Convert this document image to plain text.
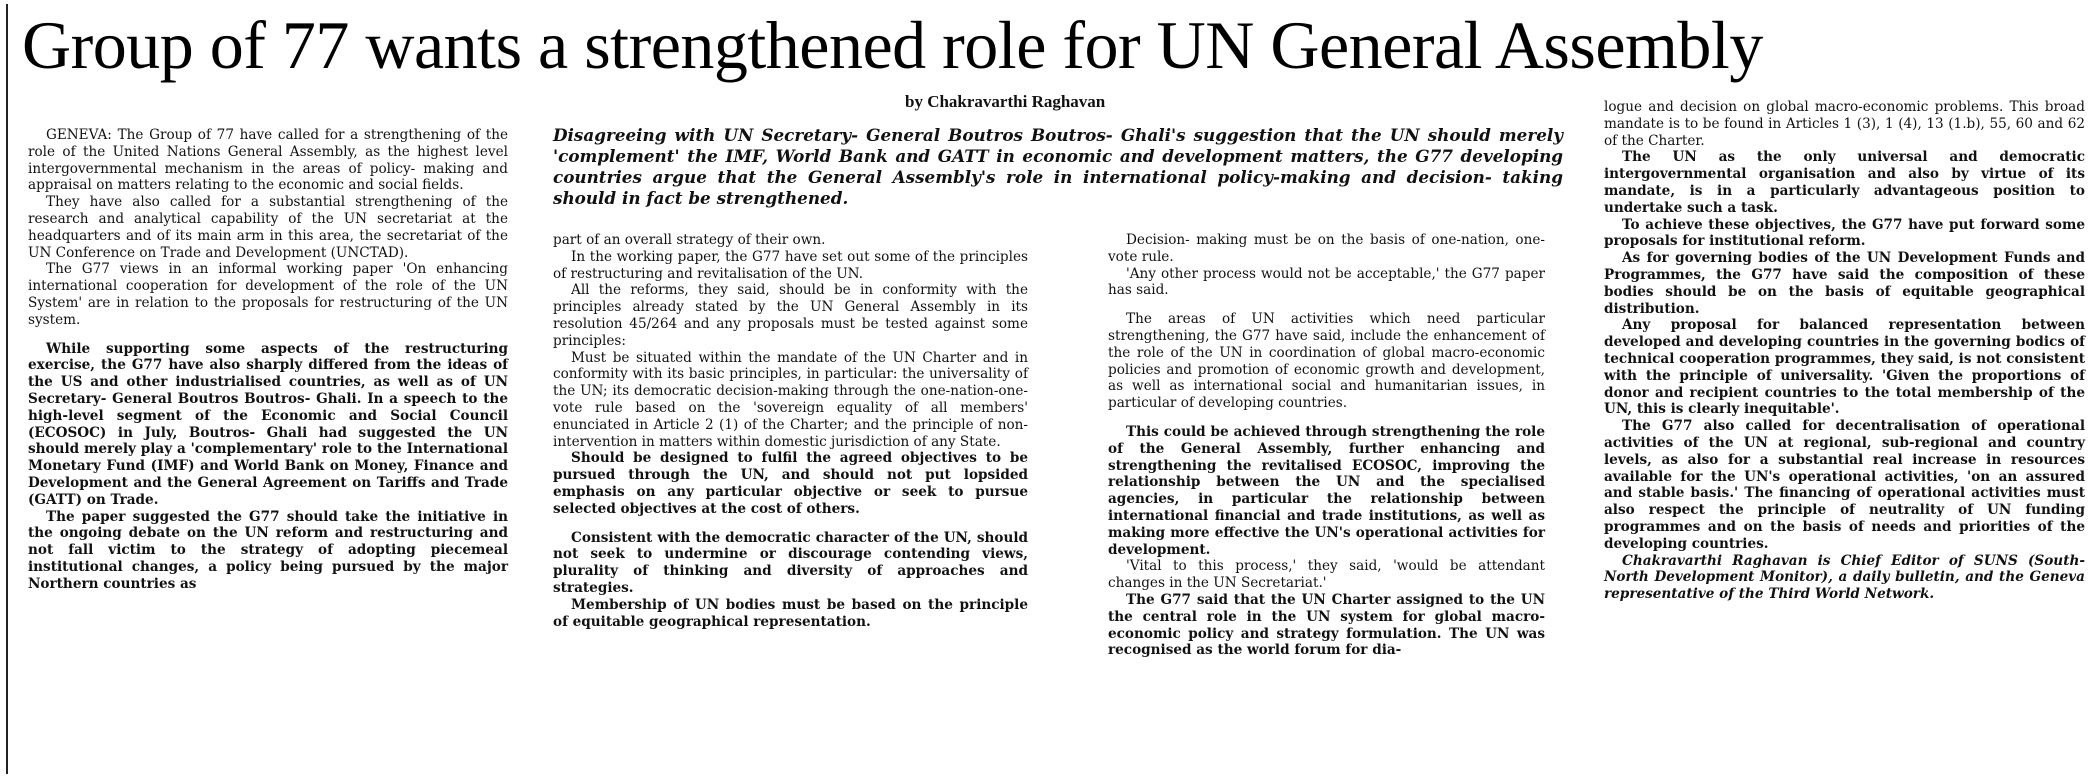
Group of 77 wants a strengthened role for UN General Assembly
by Chakravarthi Raghavan
Disagreeing with UN Secretary- General Boutros Boutros- Ghali's suggestion that the UN should merely 'complement' the IMF, World Bank and GATT in economic and development matters, the G77 developing countries argue that the General Assembly's role in international policy-making and decision- taking should in fact be strengthened.

GENEVA: The Group of 77 have called for a strengthening of the role of the United Nations General Assembly, as the highest level intergovernmental mechanism in the areas of policy- making and appraisal on matters relating to the economic and social fields.

They have also called for a substantial strengthening of the research and analytical capability of the UN secretariat at the headquarters and of its main arm in this area, the secretariat of the UN Conference on Trade and Development (UNCTAD).

The G77 views in an informal working paper 'On enhancing international cooperation for development of the role of the UN System' are in relation to the proposals for restructuring of the UN system.

While supporting some aspects of the restructuring exercise, the G77 have also sharply differed from the ideas of the US and other industrialised countries, as well as of UN Secretary- General Boutros Boutros- Ghali. In a speech to the high-level segment of the Economic and Social Council (ECOSOC) in July, Boutros- Ghali had suggested the UN should merely play a 'complementary' role to the International Monetary Fund (IMF) and World Bank on Money, Finance and Development and the General Agreement on Tariffs and Trade (GATT) on Trade.

The paper suggested the G77 should take the initiative in the ongoing debate on the UN reform and restructuring and not fall victim to the strategy of adopting piecemeal institutional changes, a policy being pursued by the major Northern countries as

part of an overall strategy of their own.

In the working paper, the G77 have set out some of the principles of restructuring and revitalisation of the UN.

All the reforms, they said, should be in conformity with the principles already stated by the UN General Assembly in its resolution 45/264 and any proposals must be tested against some principles:

Must be situated within the mandate of the UN Charter and in conformity with its basic principles, in particular: the universality of the UN; its democratic decision-making through the one-nation-one-vote rule based on the 'sovereign equality of all members' enunciated in Article 2 (1) of the Charter; and the principle of non-intervention in matters within domestic jurisdiction of any State.

Should be designed to fulfil the agreed objectives to be pursued through the UN, and should not put lopsided emphasis on any particular objective or seek to pursue selected objectives at the cost of others.

Consistent with the democratic character of the UN, should not seek to undermine or discourage contending views, plurality of thinking and diversity of approaches and strategies.

Membership of UN bodies must be based on the principle of equitable geographical representation.

Decision- making must be on the basis of one-nation, one-vote rule.

'Any other process would not be acceptable,' the G77 paper has said.

The areas of UN activities which need particular strengthening, the G77 have said, include the enhancement of the role of the UN in coordination of global macro-economic policies and promotion of economic growth and development, as well as international social and humanitarian issues, in particular of developing countries.

This could be achieved through strengthening the role of the General Assembly, further enhancing and strengthening the revitalised ECOSOC, improving the relationship between the UN and the specialised agencies, in particular the relationship between international financial and trade institutions, as well as making more effective the UN's operational activities for development.

'Vital to this process,' they said, 'would be attendant changes in the UN Secretariat.'

The G77 said that the UN Charter assigned to the UN the central role in the UN system for global macro-economic policy and strategy formulation. The UN was recognised as the world forum for dia-

logue and decision on global macro-economic problems. This broad mandate is to be found in Articles 1 (3), 1 (4), 13 (1.b), 55, 60 and 62 of the Charter.

The UN as the only universal and democratic intergovernmental organisation and also by virtue of its mandate, is in a particularly advantageous position to undertake such a task.

To achieve these objectives, the G77 have put forward some proposals for institutional reform.

As for governing bodies of the UN Development Funds and Programmes, the G77 have said the composition of these bodies should be on the basis of equitable geographical distribution.

Any proposal for balanced representation between developed and developing countries in the governing bodics of technical cooperation programmes, they said, is not consistent with the principle of universality. 'Given the proportions of donor and recipient countries to the total membership of the UN, this is clearly inequitable'.

The G77 also called for decentralisation of operational activities of the UN at regional, sub-regional and country levels, as also for a substantial real increase in resources available for the UN's operational activities, 'on an assured and stable basis.' The financing of operational activities must also respect the principle of neutrality of UN funding programmes and on the basis of needs and priorities of the developing countries.

Chakravarthi Raghavan is Chief Editor of SUNS (South-North Development Monitor), a daily bulletin, and the Geneva representative of the Third World Network.
